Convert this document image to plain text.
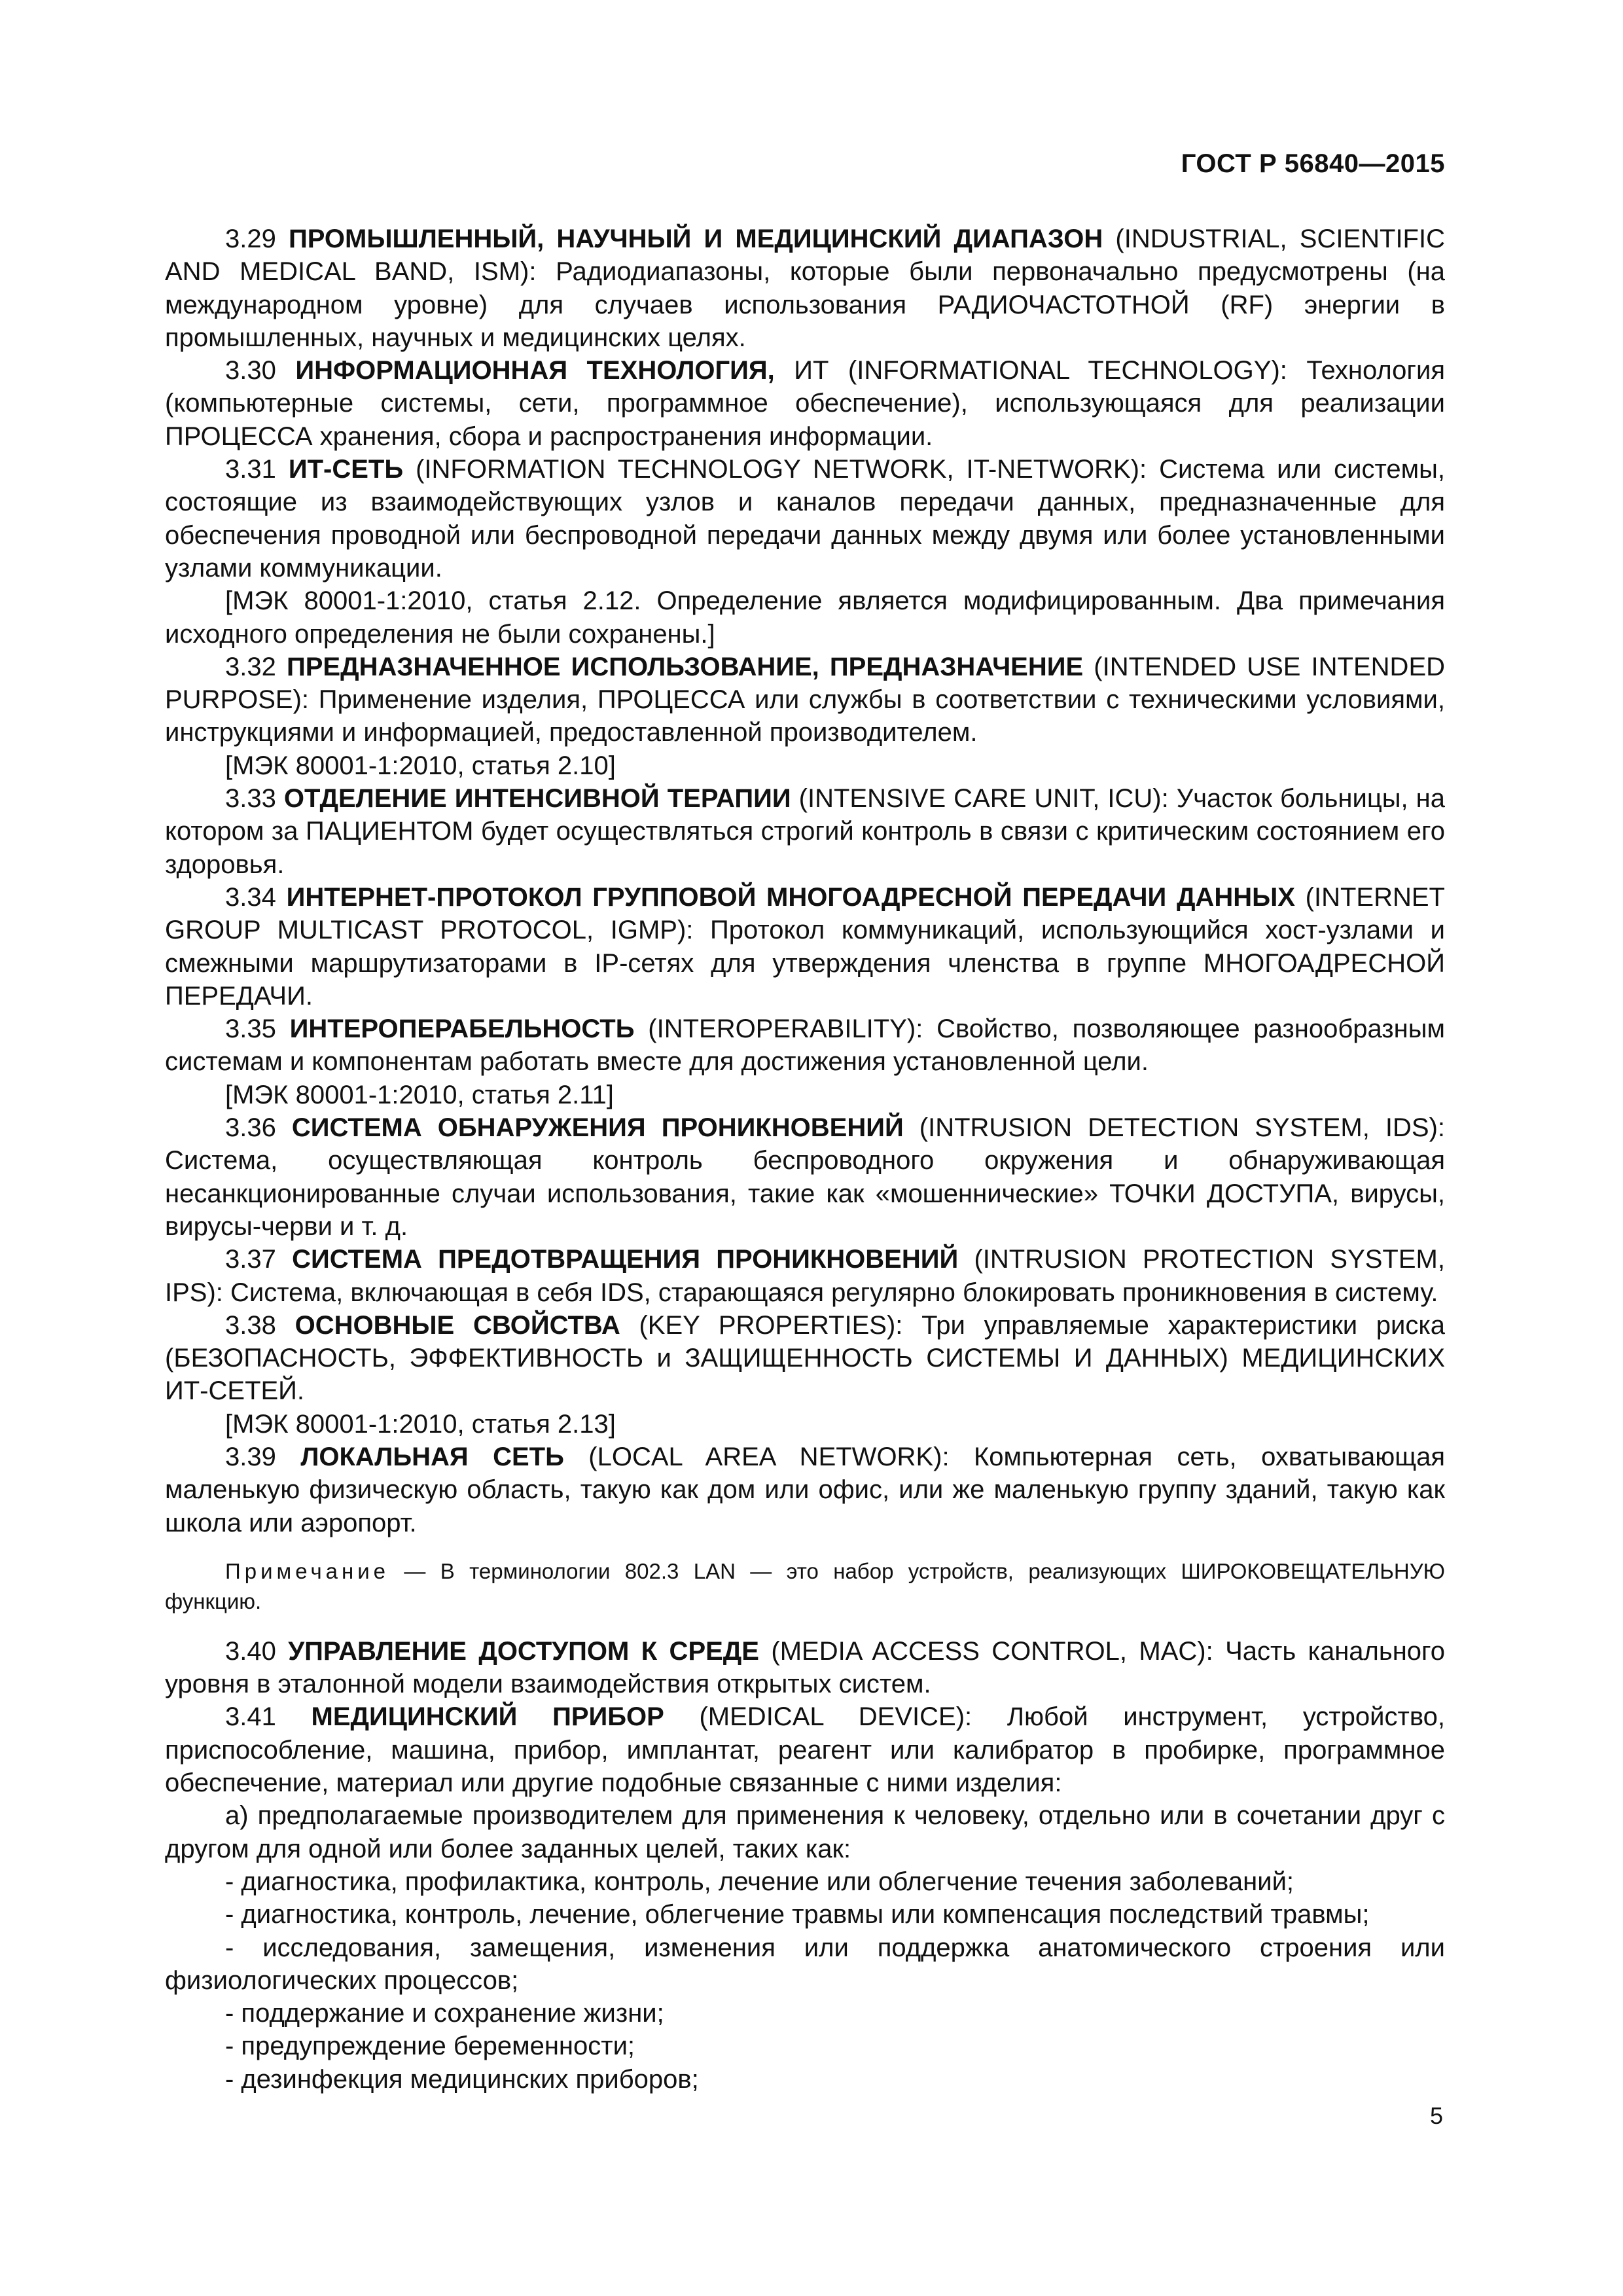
ГОСТ Р 56840—2015

3.29 ПРОМЫШЛЕННЫЙ, НАУЧНЫЙ И МЕДИЦИНСКИЙ ДИАПАЗОН (INDUSTRIAL, SCIENTIFIC AND MEDICAL BAND, ISM): Радиодиапазоны, которые были первоначально предусмотрены (на международном уровне) для случаев использования РАДИОЧАСТОТНОЙ (RF) энергии в промышленных, научных и медицинских целях.

3.30 ИНФОРМАЦИОННАЯ ТЕХНОЛОГИЯ, ИТ (INFORMATIONAL TECHNOLOGY): Технология (компьютерные системы, сети, программное обеспечение), использующаяся для реализации ПРОЦЕССА хранения, сбора и распространения информации.

3.31 ИТ-СЕТЬ (INFORMATION TECHNOLOGY NETWORK, IT-NETWORK): Система или системы, состоящие из взаимодействующих узлов и каналов передачи данных, предназначенные для обеспечения проводной или беспроводной передачи данных между двумя или более установленными узлами коммуникации.

[МЭК 80001-1:2010, статья 2.12. Определение является модифицированным. Два примечания исходного определения не были сохранены.]

3.32 ПРЕДНАЗНАЧЕННОЕ ИСПОЛЬЗОВАНИЕ, ПРЕДНАЗНАЧЕНИЕ (INTENDED USE INTENDED PURPOSE): Применение изделия, ПРОЦЕССА или службы в соответствии с техническими условиями, инструкциями и информацией, предоставленной производителем.

[МЭК 80001-1:2010, статья 2.10]

3.33 ОТДЕЛЕНИЕ ИНТЕНСИВНОЙ ТЕРАПИИ (INTENSIVE CARE UNIT, ICU): Участок больницы, на котором за ПАЦИЕНТОМ будет осуществляться строгий контроль в связи с критическим состоянием его здоровья.

3.34 ИНТЕРНЕТ-ПРОТОКОЛ ГРУППОВОЙ МНОГОАДРЕСНОЙ ПЕРЕДАЧИ ДАННЫХ (INTERNET GROUP MULTICAST PROTOCOL, IGMP): Протокол коммуникаций, использующийся хост-узлами и смежными маршрутизаторами в IP-сетях для утверждения членства в группе МНОГОАДРЕСНОЙ ПЕРЕДАЧИ.

3.35 ИНТЕРОПЕРАБЕЛЬНОСТЬ (INTEROPERABILITY): Свойство, позволяющее разнообразным системам и компонентам работать вместе для достижения установленной цели.

[МЭК 80001-1:2010, статья 2.11]

3.36 СИСТЕМА ОБНАРУЖЕНИЯ ПРОНИКНОВЕНИЙ (INTRUSION DETECTION SYSTEM, IDS): Система, осуществляющая контроль беспроводного окружения и обнаруживающая несанкционированные случаи использования, такие как «мошеннические» ТОЧКИ ДОСТУПА, вирусы, вирусы-черви и т. д.

3.37 СИСТЕМА ПРЕДОТВРАЩЕНИЯ ПРОНИКНОВЕНИЙ (INTRUSION PROTECTION SYSTEM, IPS): Система, включающая в себя IDS, старающаяся регулярно блокировать проникновения в систему.

3.38 ОСНОВНЫЕ СВОЙСТВА (KEY PROPERTIES): Три управляемые характеристики риска (БЕЗОПАСНОСТЬ, ЭФФЕКТИВНОСТЬ и ЗАЩИЩЕННОСТЬ СИСТЕМЫ И ДАННЫХ) МЕДИЦИНСКИХ ИТ-СЕТЕЙ.

[МЭК 80001-1:2010, статья 2.13]

3.39 ЛОКАЛЬНАЯ СЕТЬ (LOCAL AREA NETWORK): Компьютерная сеть, охватывающая маленькую физическую область, такую как дом или офис, или же маленькую группу зданий, такую как школа или аэропорт.

Примечание — В терминологии 802.3 LAN — это набор устройств, реализующих ШИРОКОВЕЩАТЕЛЬНУЮ функцию.

3.40 УПРАВЛЕНИЕ ДОСТУПОМ К СРЕДЕ (MEDIA ACCESS CONTROL, MAC): Часть канального уровня в эталонной модели взаимодействия открытых систем.

3.41 МЕДИЦИНСКИЙ ПРИБОР (MEDICAL DEVICE): Любой инструмент, устройство, приспособление, машина, прибор, имплантат, реагент или калибратор в пробирке, программное обеспечение, материал или другие подобные связанные с ними изделия:

а) предполагаемые производителем для применения к человеку, отдельно или в сочетании друг с другом для одной или более заданных целей, таких как:

- диагностика, профилактика, контроль, лечение или облегчение течения заболеваний;

- диагностика, контроль, лечение, облегчение травмы или компенсация последствий травмы;

- исследования, замещения, изменения или поддержка анатомического строения или физиологических процессов;

- поддержание и сохранение жизни;

- предупреждение беременности;

- дезинфекция медицинских приборов;

5
